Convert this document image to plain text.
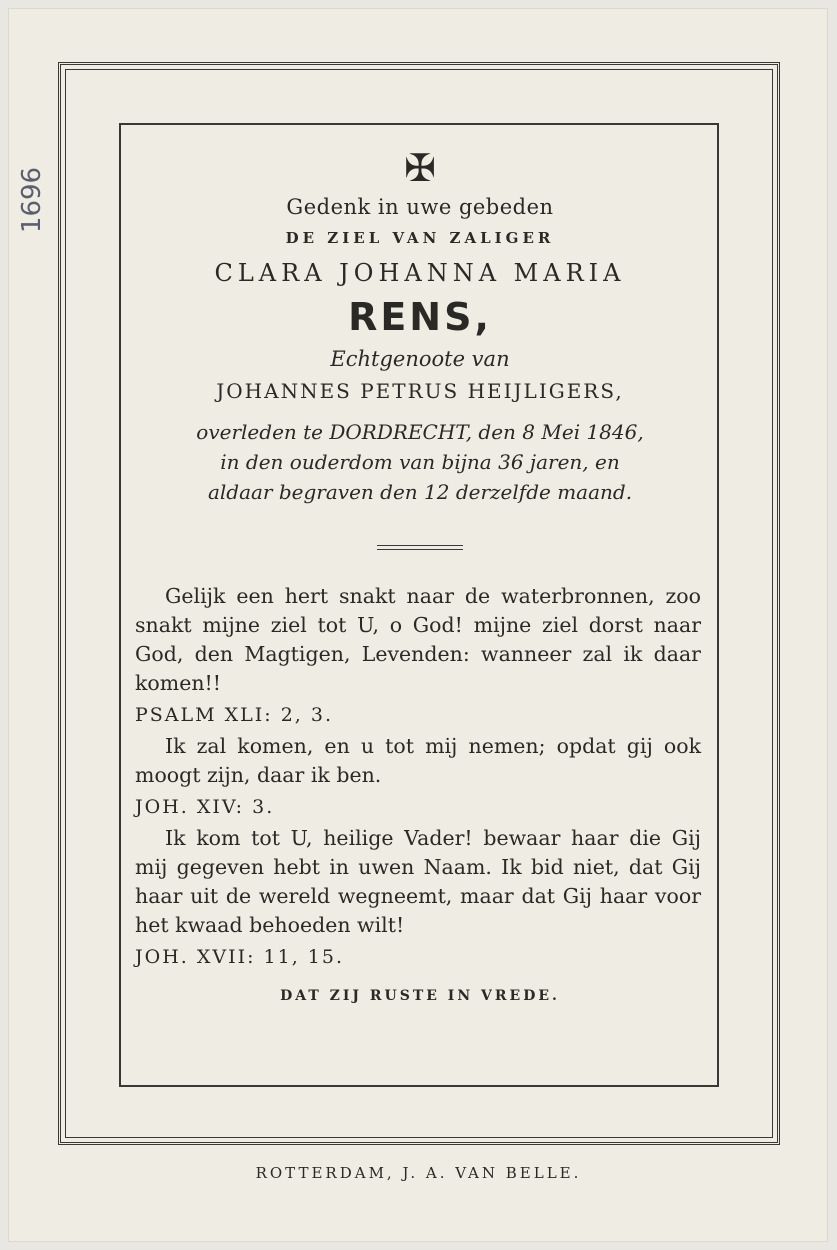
1696	✠
Gedenk in uwe gebeden
DE ZIEL VAN ZALIGER
CLARA JOHANNA MARIA
RENS,
Echtgenoote van
JOHANNES PETRUS HEIJLIGERS,
overleden te DORDRECHT, den 8 Mei 1846,
in den ouderdom van bijna 36 jaren, en
aldaar begraven den 12 derzelfde maand.

Gelijk een hert snakt naar de waterbronnen, zoo snakt mijne ziel tot U, o God! mijne ziel dorst naar God, den Magtigen, Levenden: wanneer zal ik daar komen!!

PSALM XLI: 2, 3.

Ik zal komen, en u tot mij nemen; opdat gij ook moogt zijn, daar ik ben.

JOH. XIV: 3.

Ik kom tot U, heilige Vader! bewaar haar die Gij mij gegeven hebt in uwen Naam. Ik bid niet, dat Gij haar uit de wereld wegneemt, maar dat Gij haar voor het kwaad behoeden wilt!

JOH. XVII: 11, 15.
DAT ZIJ RUSTE IN VREDE.
ROTTERDAM, J. A. VAN BELLE.
